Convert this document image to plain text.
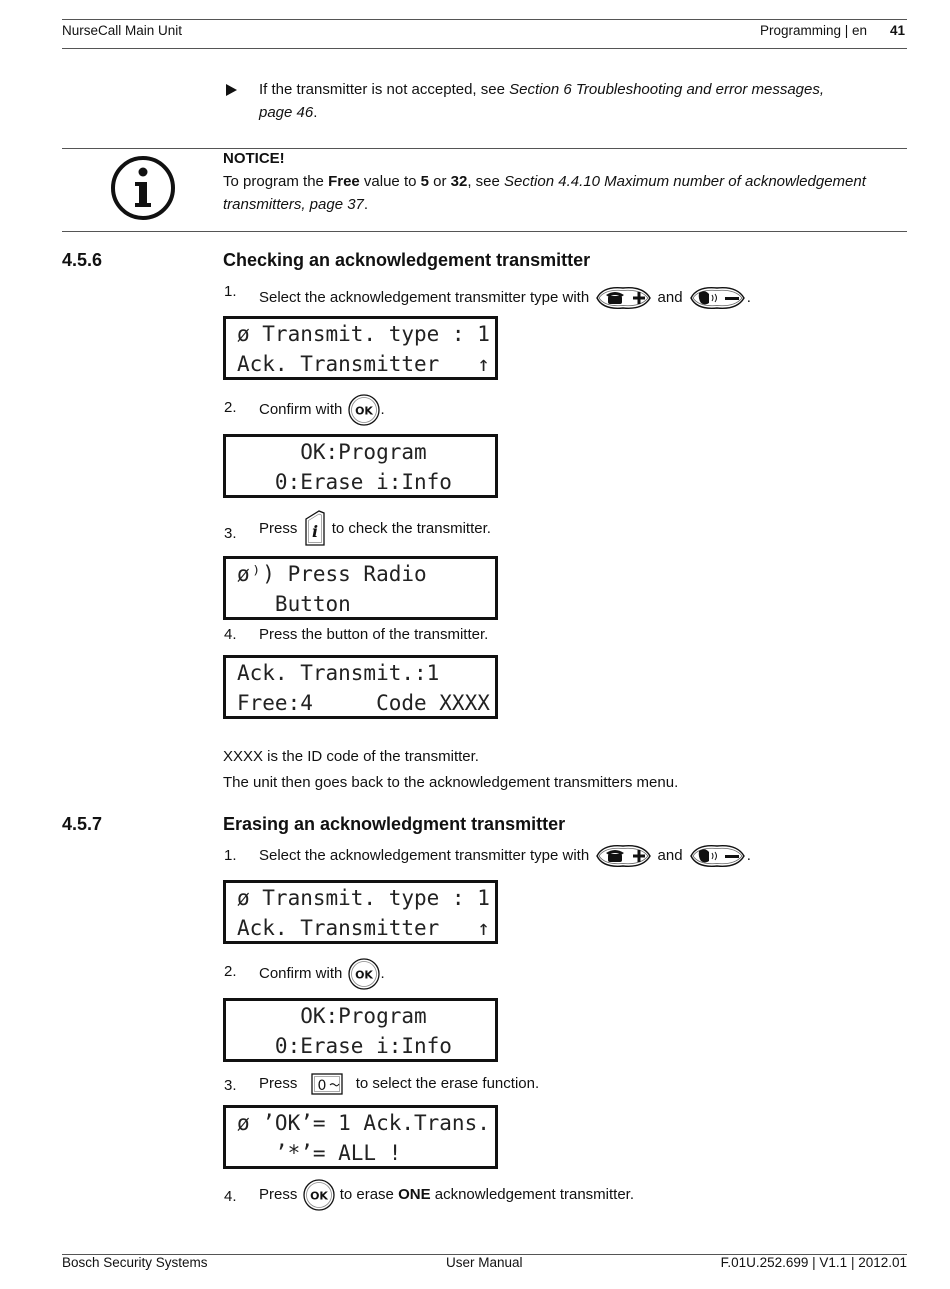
NurseCall Main Unit	Programming | en 41
If the transmitter is not accepted, see Section 6 Troubleshooting and error messages,
page 46.
NOTICE!
To program the Free value to 5 or 32, see Section 4.4.10 Maximum number of acknowledgement
transmitters, page 37.
4.5.6	Checking an acknowledgement transmitter
1. Select the acknowledgement transmitter type with	and	.
ø Transmit. type : 1
Ack. Transmitter   ↑
2. Confirm with OK .
OK:Program
0:Erase i:Info
3. Press i to check the transmitter.
ø⁾) Press Radio
Button
4. Press the button of the transmitter.
Ack. Transmit.:1
Free:4     Code XXXX
XXXX is the ID code of the transmitter.
The unit then goes back to the acknowledgement transmitters menu.
4.5.7	Erasing an acknowledgment transmitter
1. Select the acknowledgement transmitter type with	and	.
ø Transmit. type : 1
Ack. Transmitter   ↑
2. Confirm with OK .
OK:Program
0:Erase i:Info
3. Press 0 to select the erase function.
ø ’OK’= 1 Ack.Trans.
’*’= ALL !
4. Press OK to erase ONE acknowledgement transmitter.
Bosch Security Systems	User Manual	F.01U.252.699 | V1.1 | 2012.01
